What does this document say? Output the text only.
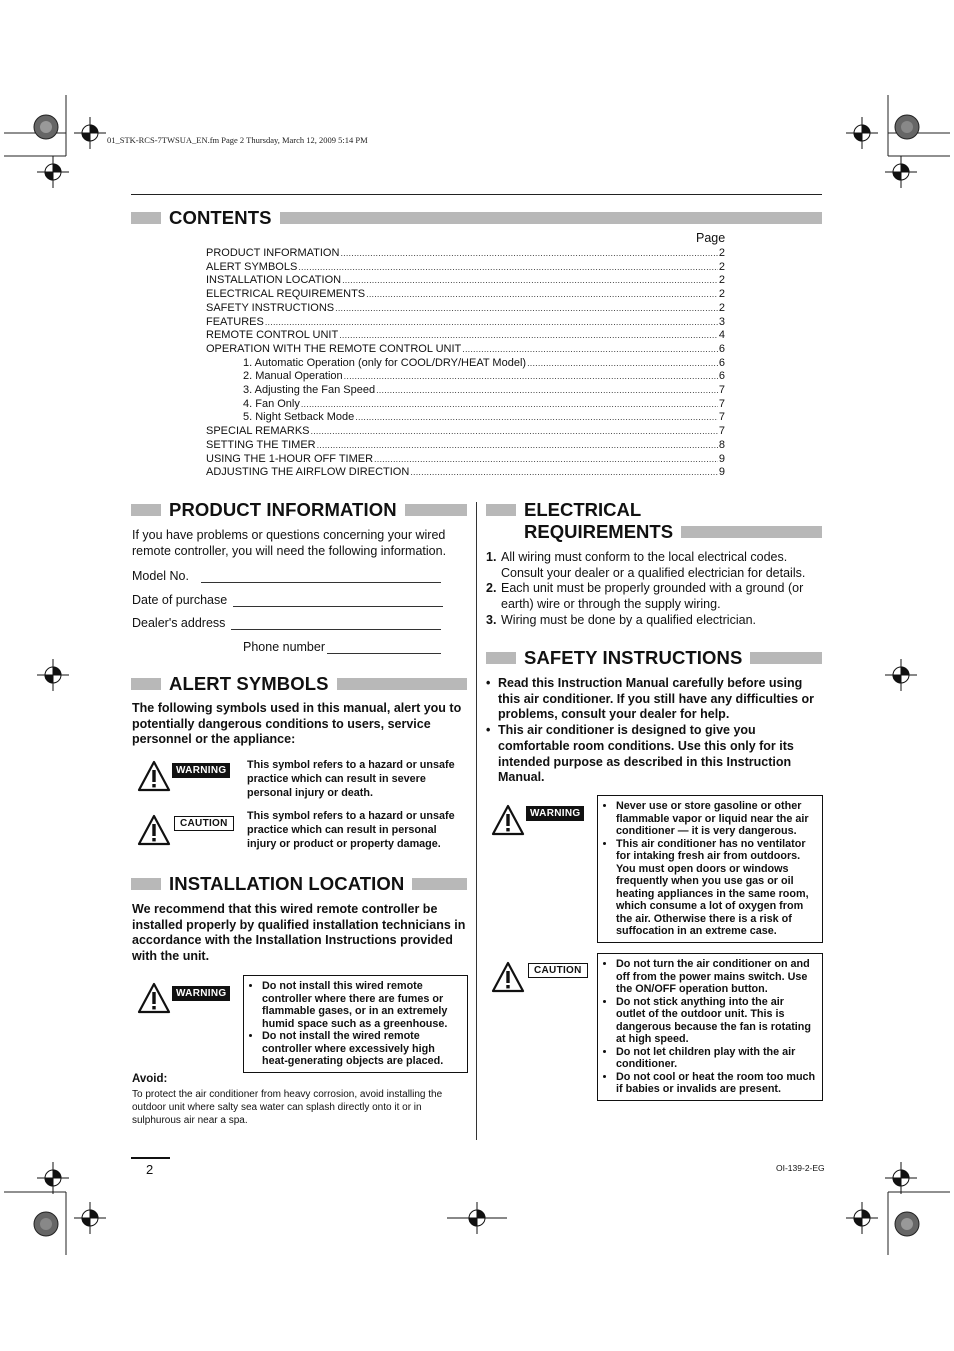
01_STK-RCS-7TWSUA_EN.fm Page 2 Thursday, March 12, 2009 5:14 PM
CONTENTS
Page
PRODUCT INFORMATION .....	2
ALERT SYMBOLS .....	2
INSTALLATION LOCATION .....	2
ELECTRICAL REQUIREMENTS .....	2
SAFETY INSTRUCTIONS .....	2
FEATURES .....	3
REMOTE CONTROL UNIT .....	4
OPERATION WITH THE REMOTE CONTROL UNIT .....	6
1. Automatic Operation (only for COOL/DRY/HEAT Model) .....	6
2. Manual Operation .....	6
3. Adjusting the Fan Speed .....	7
4. Fan Only .....	7
5. Night Setback Mode .....	7
SPECIAL REMARKS .....	7
SETTING THE TIMER .....	8
USING THE 1-HOUR OFF TIMER .....	9
ADJUSTING THE AIRFLOW DIRECTION .....	9
PRODUCT INFORMATION
If you have problems or questions concerning your wired remote controller, you will need the following information.
Model No.
Date of purchase
Dealer's address
Phone number
ALERT SYMBOLS
The following symbols used in this manual, alert you to potentially dangerous conditions to users, service personnel or the appliance:
WARNING	This symbol refers to a hazard or unsafe practice which can result in severe personal injury or death.
CAUTION
This symbol refers to a hazard or unsafe practice which can result in personal injury or product or property damage.
INSTALLATION LOCATION
We recommend that this wired remote controller be installed properly by qualified installation technicians in accordance with the Installation Instructions provided with the unit.
WARNING
• Do not install this wired remote controller where there are fumes or flammable gases, or in an extremely humid space such as a greenhouse.
• Do not install the wired remote controller where excessively high heat-generating objects are placed.
Avoid:
To protect the air conditioner from heavy corrosion, avoid installing the outdoor unit where salty sea water can splash directly onto it or in sulphurous air near a spa.
ELECTRICAL
REQUIREMENTS
1. All wiring must conform to the local electrical codes. Consult your dealer or a qualified electrician for details.
2. Each unit must be properly grounded with a ground (or earth) wire or through the supply wiring.
3. Wiring must be done by a qualified electrician.
SAFETY INSTRUCTIONS
• Read this Instruction Manual carefully before using this air conditioner. If you still have any difficulties or problems, consult your dealer for help.
• This air conditioner is designed to give you comfortable room conditions. Use this only for its intended purpose as described in this Instruction Manual.
WARNING
• Never use or store gasoline or other flammable vapor or liquid near the air conditioner — it is very dangerous.
• This air conditioner has no ventilator for intaking fresh air from outdoors. You must open doors or windows frequently when you use gas or oil heating appliances in the same room, which consume a lot of oxygen from the air. Otherwise there is a risk of suffocation in an extreme case.
CAUTION
• Do not turn the air conditioner on and off from the power mains switch. Use the ON/OFF operation button.
• Do not stick anything into the air outlet of the outdoor unit. This is dangerous because the fan is rotating at high speed.
• Do not let children play with the air conditioner.
• Do not cool or heat the room too much if babies or invalids are present.
2	OI-139-2-EG
